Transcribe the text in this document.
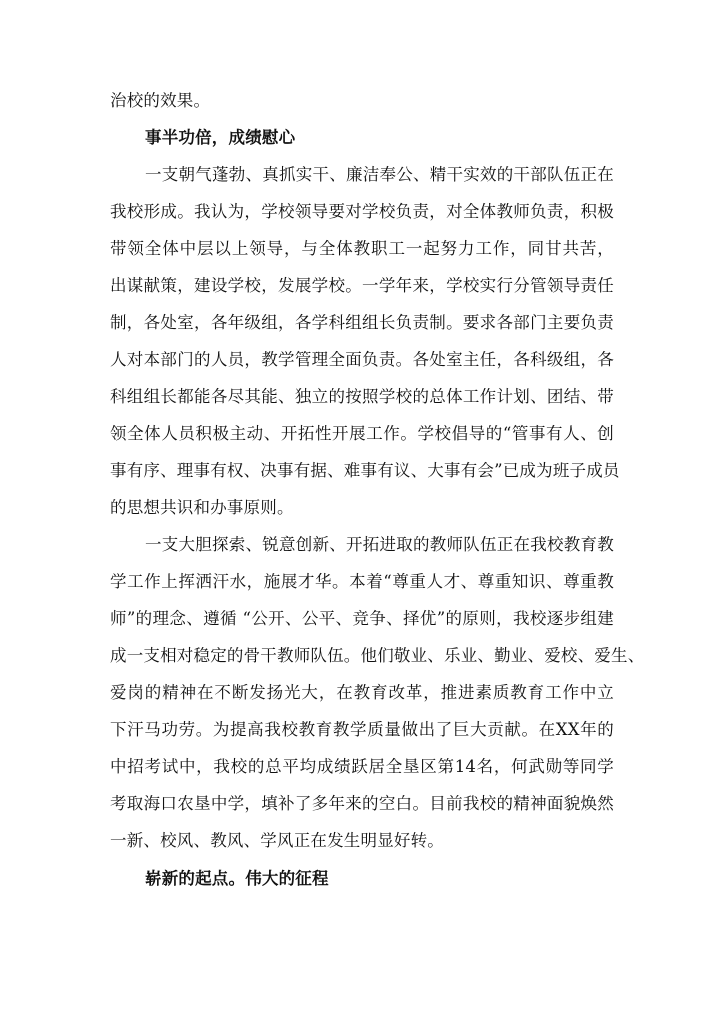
治校的效果。
事半功倍，成绩慰心
一支朝气蓬勃、真抓实干、廉洁奉公、精干实效的干部队伍正在
我校形成。我认为，学校领导要对学校负责，对全体教师负责，积极
带领全体中层以上领导，与全体教职工一起努力工作，同甘共苦，
出谋献策，建设学校，发展学校。一学年来，学校实行分管领导责任
制，各处室，各年级组，各学科组组长负责制。要求各部门主要负责
人对本部门的人员，教学管理全面负责。各处室主任，各科级组，各
科组组长都能各尽其能、独立的按照学校的总体工作计划、团结、带
领全体人员积极主动、开拓性开展工作。学校倡导的“管事有人、创
事有序、理事有权、决事有据、难事有议、大事有会”已成为班子成员
的思想共识和办事原则。
一支大胆探索、锐意创新、开拓进取的教师队伍正在我校教育教
学工作上挥洒汗水，施展才华。本着“尊重人才、尊重知识、尊重教
师”的理念、遵循 “公开、公平、竞争、择优”的原则，我校逐步组建
成一支相对稳定的骨干教师队伍。他们敬业、乐业、勤业、爱校、爱生、
爱岗的精神在不断发扬光大，在教育改革，推进素质教育工作中立
下汗马功劳。为提高我校教育教学质量做出了巨大贡献。在XX年的
中招考试中，我校的总平均成绩跃居全垦区第14名，何武勋等同学
考取海口农垦中学，填补了多年来的空白。目前我校的精神面貌焕然
一新、校风、教风、学风正在发生明显好转。
崭新的起点。伟大的征程
